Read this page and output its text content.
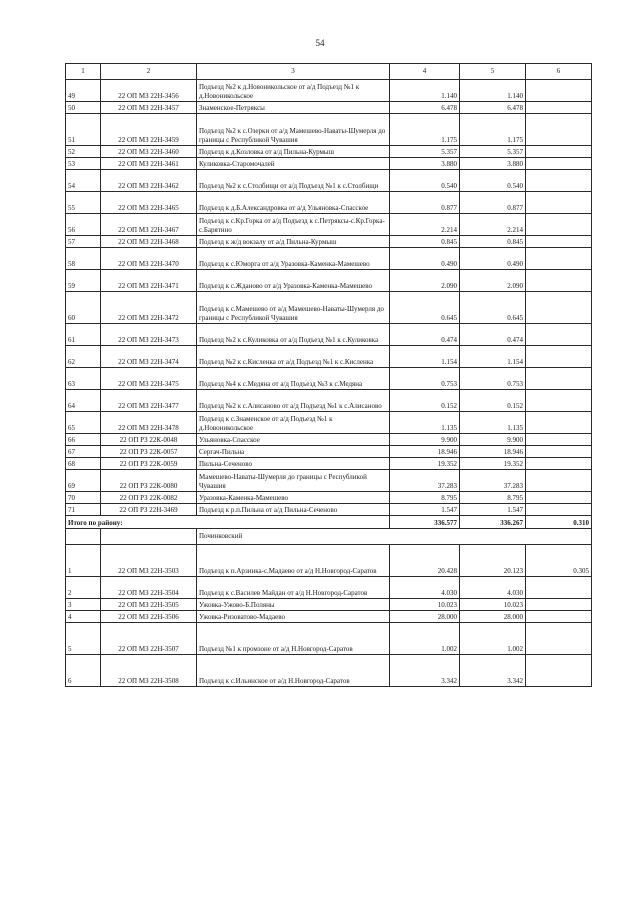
54
1	2	3	4	5	6
49	22 ОП МЗ 22Н-3456	Подъезд №2 к д.Новоникольское от а/д Подъезд №1 к д.Новоникольское	1.140	1.140	
50	22 ОП МЗ 22Н-3457	Знаменское-Петряксы	6.478	6.478	
51	22 ОП МЗ 22Н-3459	Подъезд №2 к с.Озерки от а/д Мамешево-Наваты-Шумерля до границы с Республикой Чувашия	1.175	1.175	
52	22 ОП МЗ 22Н-3460	Подъезд к д.Козловка от а/д Пильна-Курмыш	5.357	5.357	
53	22 ОП МЗ 22Н-3461	Куликовка-Старомочалей	3.880	3.880	
54	22 ОП МЗ 22Н-3462	Подъезд №2 к с.Столбищи от а/д Подъезд №1 к с.Столбищи	0.540	0.540	
55	22 ОП МЗ 22Н-3465	Подъезд к д.Б.Александровка от а/д Ульяновка-Спасское	0.877	0.877	
56	22 ОП МЗ 22Н-3467	Подъезд к с.Кр.Горка от а/д Подъезд к с.Петряксы-с.Кр.Горка-с.Барятино	2.214	2.214	
57	22 ОП МЗ 22Н-3468	Подъезд к ж/д вокзалу от а/д Пильна-Курмыш	0.845	0.845	
58	22 ОП МЗ 22Н-3470	Подъезд к с.Юморга от а/д Уразовка-Каменка-Мамешево	0.490	0.490	
59	22 ОП МЗ 22Н-3471	Подъезд к с.Жданово от а/д Уразовка-Каменка-Мамешево	2.090	2.090	
60	22 ОП МЗ 22Н-3472	Подъезд к с.Мамешево от а/д Мамешево-Наваты-Шумерля до границы с Республикой Чувашия	0.645	0.645	
61	22 ОП МЗ 22Н-3473	Подъезд №2 к с.Куликовка от а/д Подъезд №1 к с.Куликовка	0.474	0.474	
62	22 ОП МЗ 22Н-3474	Подъезд №2 к с.Кисленка от а/д Подъезд №1 к с.Кисленка	1.154	1.154	
63	22 ОП МЗ 22Н-3475	Подъезд №4 к с.Медяна от а/д Подъезд №3 к с.Медяна	0.753	0.753	
64	22 ОП МЗ 22Н-3477	Подъезд №2 к с.Алисаново от а/д Подъезд №1 к с.Алисаново	0.152	0.152	
65	22 ОП МЗ 22Н-3478	Подъезд к с.Знаменское от а/д Подъезд №1 к д.Новоникольское	1.135	1.135	
66	22 ОП РЗ 22К-0048	Ульяновка-Спасское	9.900	9.900	
67	22 ОП РЗ 22К-0057	Сергач-Пильна	18.946	18.946	
68	22 ОП РЗ 22К-0059	Пильна-Сеченово	19.352	19.352	
69	22 ОП РЗ 22К-0080	Мамешево-Наваты-Шумерля до границы с Республикой Чувашия	37.283	37.283	
70	22 ОП РЗ 22К-0082	Уразовка-Каменка-Мамешево	8.795	8.795	
71	22 ОП РЗ 22Н-3469	Подъезд к р.п.Пильна от а/д Пильна-Сеченово	1.547	1.547	
Итого по району:			336.577	336.267	0.310
		Починковский			
1	22 ОП МЗ 22Н-3503	Подъезд к п.Арзинка-с.Мадаево от а/д Н.Новгород-Саратов	20.428	20.123	0.305
2	22 ОП МЗ 22Н-3504	Подъезд к с.Василев Майдан от а/д Н.Новгород-Саратов	4.030	4.030	
3	22 ОП МЗ 22Н-3505	Ужовка-Ужово-Б.Поляны	10.023	10.023	
4	22 ОП МЗ 22Н-3506	Ужовка-Ризоватово-Мадаево	28.000	28.000	
5	22 ОП МЗ 22Н-3507	Подъезд №1 к промзоне от а/д Н.Новгород-Саратов	1.002	1.002	
6	22 ОП МЗ 22Н-3508	Подъезд к с.Ильинское от а/д Н.Новгород-Саратов	3.342	3.342	
